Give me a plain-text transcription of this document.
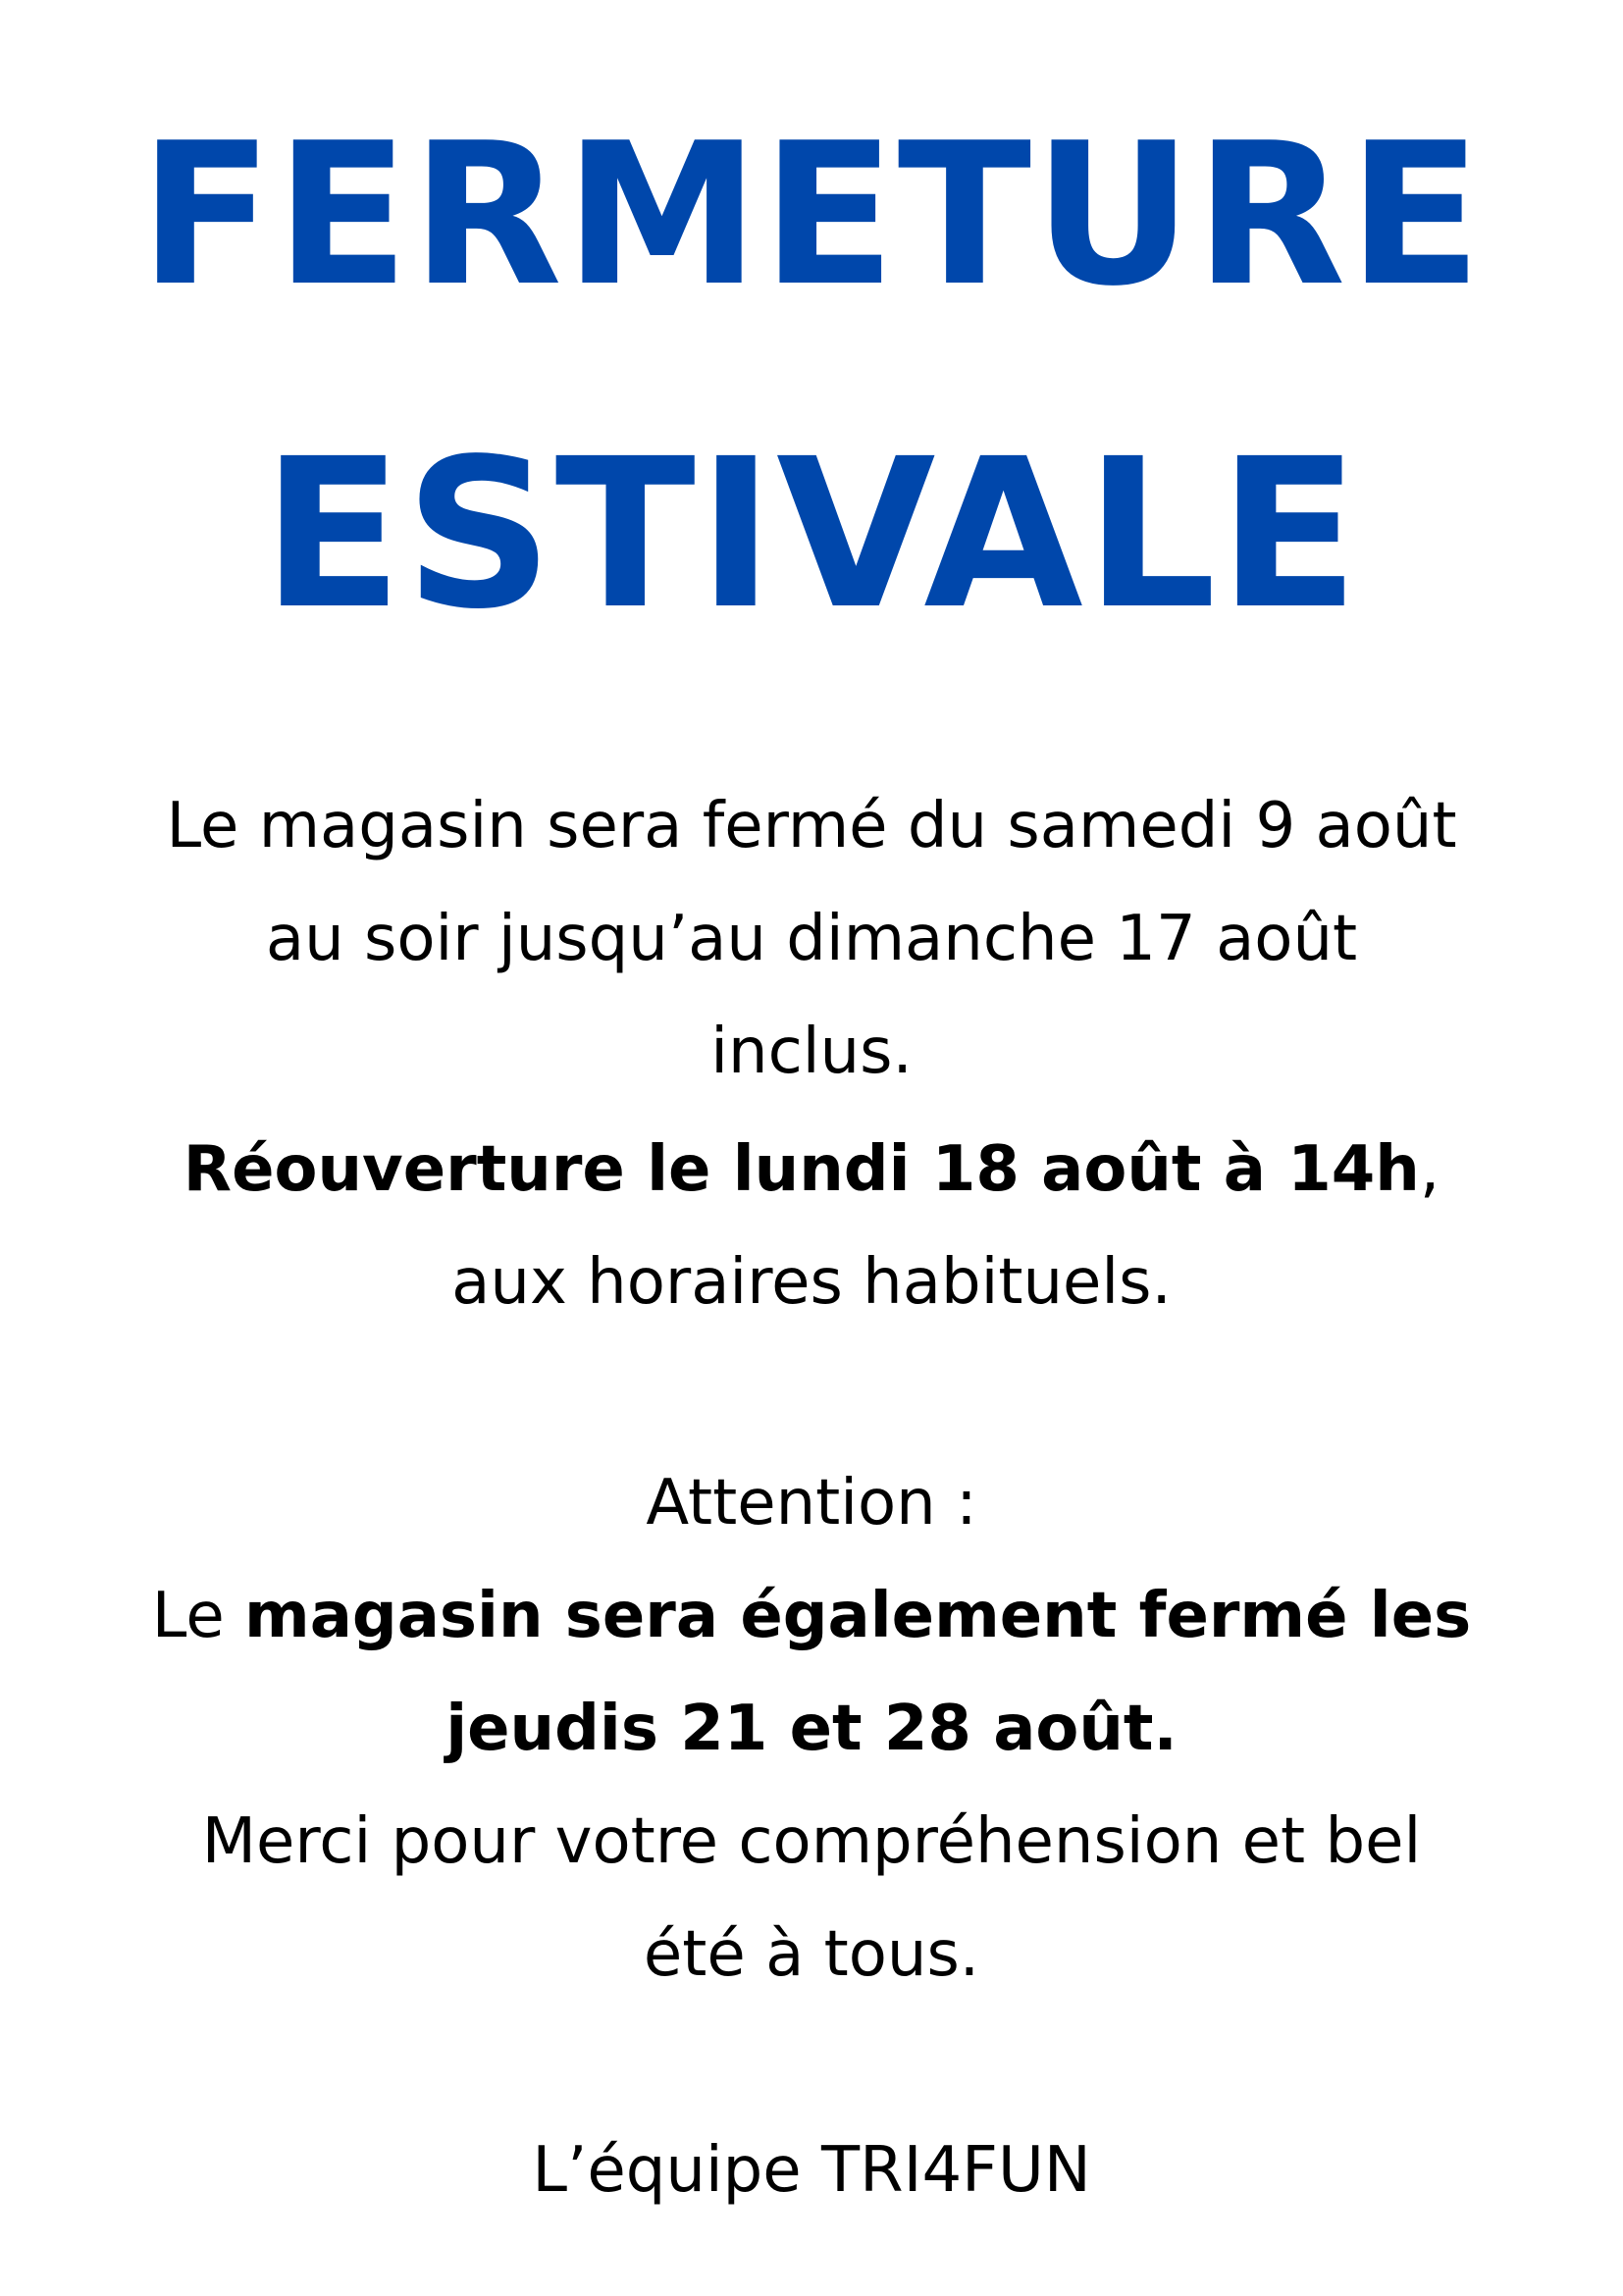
FERMETURE
ESTIVALE

Le magasin sera fermé du samedi 9 août

au soir jusqu’au dimanche 17 août

inclus.

Réouverture le lundi 18 août à 14h,

aux horaires habituels.

Attention :

Le magasin sera également fermé les

jeudis 21 et 28 août.

Merci pour votre compréhension et bel

été à tous.

L’équipe TRI4FUN
